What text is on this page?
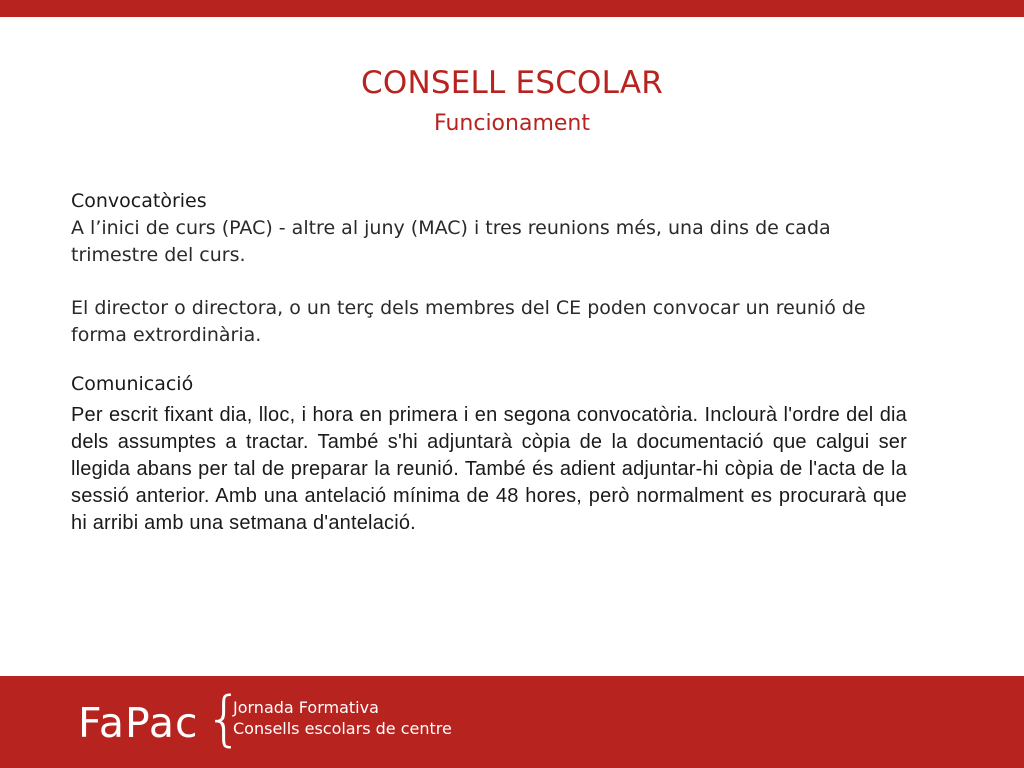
CONSELL ESCOLAR
Funcionament

Convocatòries

A l’inici de curs (PAC) - altre al juny (MAC) i tres reunions més, una dins de cada trimestre del curs.

El director o directora, o un terç dels membres del CE poden convocar un reunió de forma extrordinària.

Comunicació

Per escrit fixant dia, lloc, i hora en primera i en segona convocatòria. Inclourà l'ordre del dia dels assumptes a tractar. També s'hi adjuntarà còpia de la documentació que calgui ser llegida abans per tal de preparar la reunió. També és adient adjuntar-hi còpia de l'acta de la sessió anterior. Amb una antelació mínima de 48 hores, però normalment es procurarà que hi arribi amb una setmana d'antelació.

FaPac {
Jornada Formativa
Consells escolars de centre
